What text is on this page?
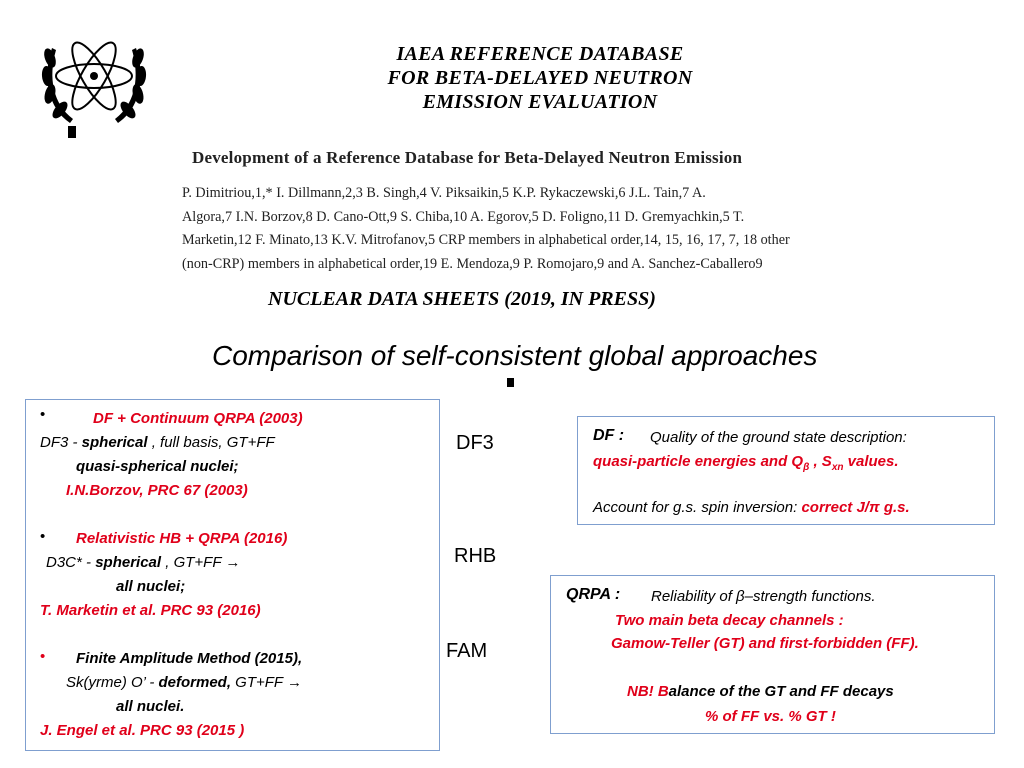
IAEA REFERENCE DATABASE
FOR BETA-DELAYED NEUTRON
EMISSION EVALUATION
Development of a Reference Database for Beta-Delayed Neutron Emission
P. Dimitriou,1,* I. Dillmann,2,3 B. Singh,4 V. Piksaikin,5 K.P. Rykaczewski,6 J.L. Tain,7 A.
Algora,7 I.N. Borzov,8 D. Cano-Ott,9 S. Chiba,10 A. Egorov,5 D. Foligno,11 D. Gremyachkin,5 T.
Marketin,12 F. Minato,13 K.V. Mitrofanov,5 CRP members in alphabetical order,14, 15, 16, 17, 7, 18 other
(non-CRP) members in alphabetical order,19 E. Mendoza,9 P. Romojaro,9 and A. Sanchez-Caballero9
NUCLEAR DATA SHEETS (2019, IN PRESS)
Comparison of self-consistent global approaches
•	DF + Continuum QRPA (2003)
DF3 - spherical , full basis, GT+FF
quasi-spherical nuclei;
I.N.Borzov, PRC 67 (2003)
• Relativistic HB + QRPA (2016)
D3C* - spherical , GT+FF →
all nuclei;
T. Marketin et al. PRC 93 (2016)
• Finite Amplitude Method (2015),
Sk(yrme) O’ - deformed, GT+FF →
all nuclei.
J. Engel et al. PRC 93 (2015 )
DF3
RHB
FAM
DF : Quality of the ground state description:
quasi-particle energies and $Q_\beta$ , $S_{xn}$ values.
Account for g.s. spin inversion: correct J/π g.s.
QRPA : Reliability of β–strength functions.
Two main beta decay channels :
Gamow-Teller (GT) and first-forbidden (FF).
NB! Balance of the GT and FF decays
% of FF vs. % GT !
